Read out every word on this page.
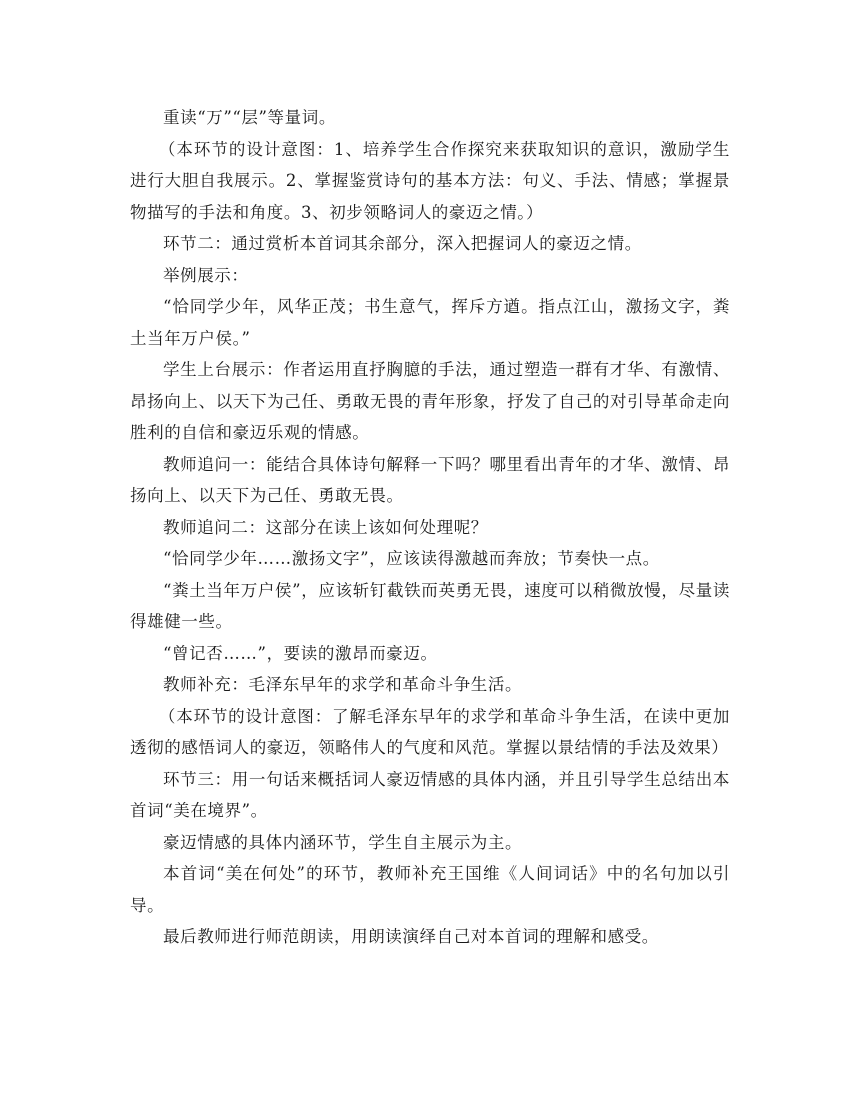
重读“万”“层”等量词。

（本环节的设计意图：1、培养学生合作探究来获取知识的意识，激励学生进行大胆自我展示。2、掌握鉴赏诗句的基本方法：句义、手法、情感；掌握景物描写的手法和角度。3、初步领略词人的豪迈之情。）

环节二：通过赏析本首词其余部分，深入把握词人的豪迈之情。

举例展示：

“恰同学少年，风华正茂；书生意气，挥斥方遒。指点江山，激扬文字，粪土当年万户侯。”

学生上台展示：作者运用直抒胸臆的手法，通过塑造一群有才华、有激情、昂扬向上、以天下为己任、勇敢无畏的青年形象，抒发了自己的对引导革命走向胜利的自信和豪迈乐观的情感。

教师追问一：能结合具体诗句解释一下吗？哪里看出青年的才华、激情、昂扬向上、以天下为己任、勇敢无畏。

教师追问二：这部分在读上该如何处理呢？

“恰同学少年……激扬文字”，应该读得激越而奔放；节奏快一点。

“粪土当年万户侯”，应该斩钉截铁而英勇无畏，速度可以稍微放慢，尽量读得雄健一些。

“曾记否……”，要读的激昂而豪迈。

教师补充：毛泽东早年的求学和革命斗争生活。

（本环节的设计意图：了解毛泽东早年的求学和革命斗争生活，在读中更加透彻的感悟词人的豪迈，领略伟人的气度和风范。掌握以景结情的手法及效果）

环节三：用一句话来概括词人豪迈情感的具体内涵，并且引导学生总结出本首词“美在境界”。

豪迈情感的具体内涵环节，学生自主展示为主。

本首词“美在何处”的环节，教师补充王国维《人间词话》中的名句加以引导。

最后教师进行师范朗读，用朗读演绎自己对本首词的理解和感受。
